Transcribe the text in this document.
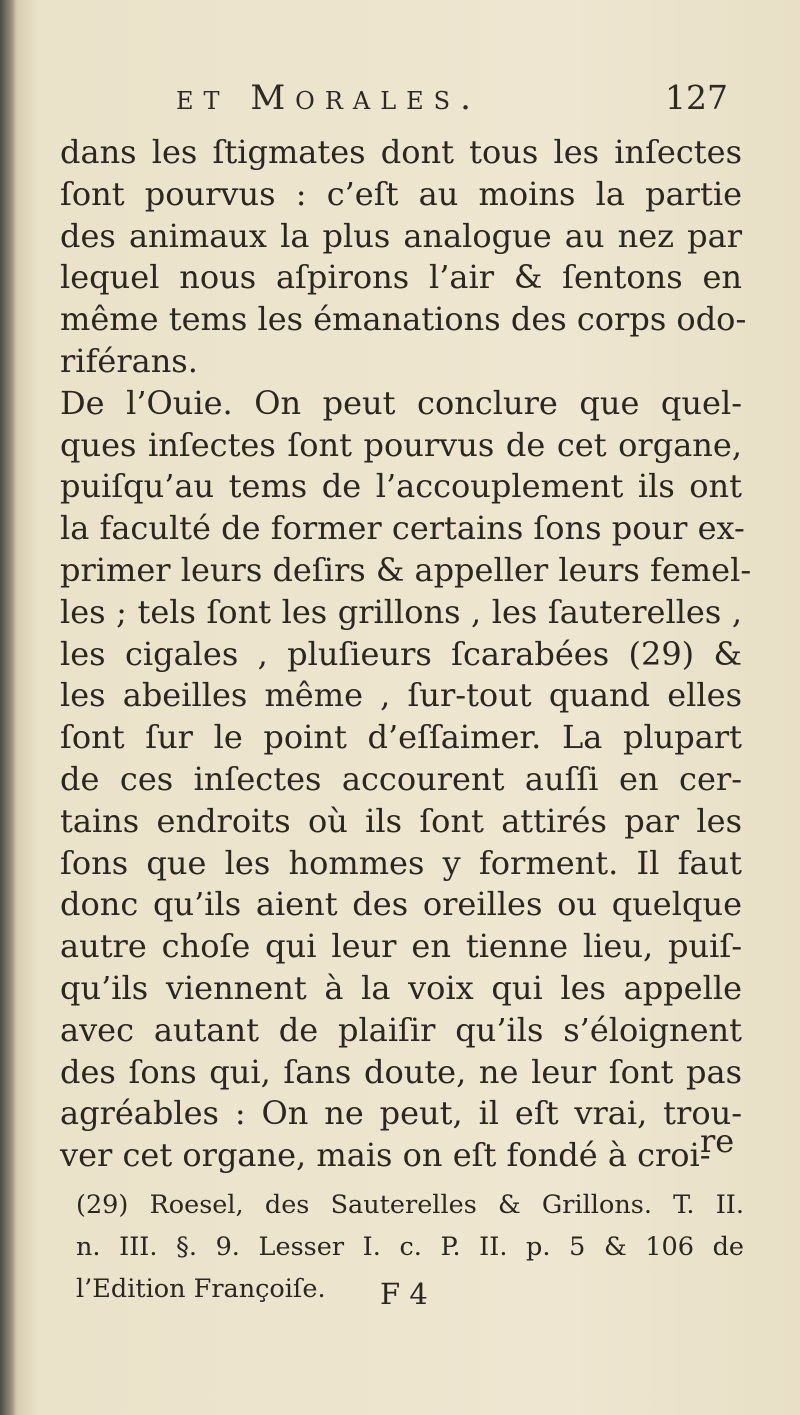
et Morales.	127
dans les ſtigmates dont tous les inſectes
ſont pourvus : c’eſt au moins la partie
des animaux la plus analogue au nez par
lequel nous aſpirons l’air & ſentons en
même tems les émanations des corps odo-
riférans.
De l’Ouie. On peut conclure que quel-
ques inſectes ſont pourvus de cet organe,
puiſqu’au tems de l’accouplement ils ont
la faculté de former certains ſons pour ex-
primer leurs deſirs & appeller leurs femel-
les ; tels ſont les grillons , les ſauterelles ,
les cigales , pluſieurs ſcarabées (29) &
les abeilles même , ſur-tout quand elles
ſont ſur le point d’eſſaimer. La plupart
de ces inſectes accourent auſſi en cer-
tains endroits où ils ſont attirés par les
ſons que les hommes y forment. Il faut
donc qu’ils aient des oreilles ou quelque
autre choſe qui leur en tienne lieu, puiſ-
qu’ils viennent à la voix qui les appelle
avec autant de plaiſir qu’ils s’éloignent
des ſons qui, ſans doute, ne leur ſont pas
agréables : On ne peut, il eſt vrai, trou-
ver cet organe, mais on eſt fondé à croi-
re
(29) Roesel, des Sauterelles & Grillons. T. II.
n. III. §. 9. Lesser I. c. P. II. p. 5 & 106 de
l’Edition Françoiſe.	F 4
